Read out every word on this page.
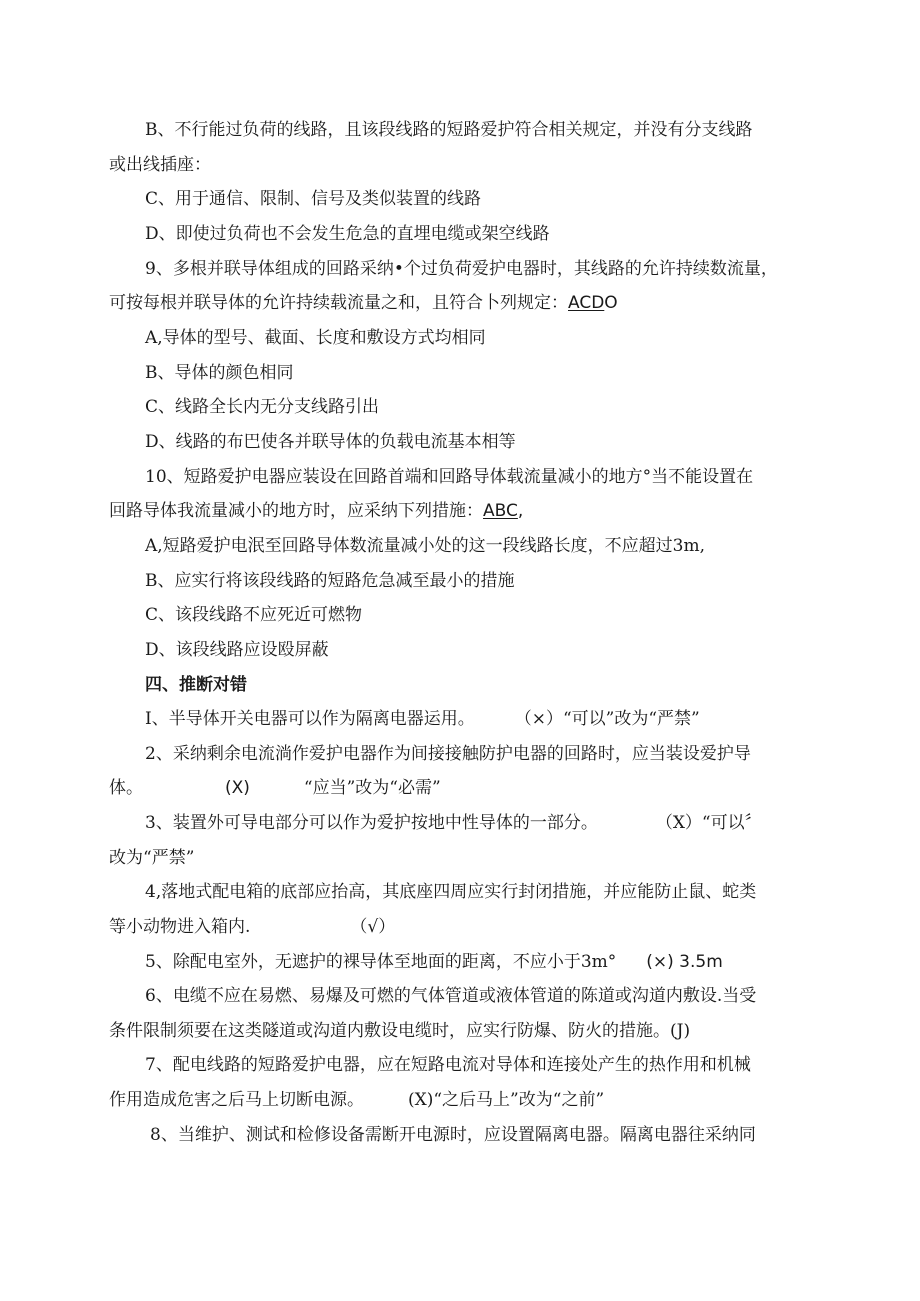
B、不行能过负荷的线路，且该段线路的短路爱护符合相关规定，并没有分支线路
或出线插座：
C、用于通信、限制、信号及类似装置的线路
D、即使过负荷也不会发生危急的直埋电缆或架空线路
9、多根并联导体组成的回路采纳•个过负荷爱护电器时，其线路的允许持续数流量，
可按每根并联导体的允许持续载流量之和，且符合卜列规定：ACDO
A,导体的型号、截面、长度和敷设方式均相同
B、导体的颜色相同
C、线路全长内无分支线路引出
D、线路的布巴使各并联导体的负载电流基本相等
10、短路爱护电器应装设在回路首端和回路导体载流量减小的地方°当不能设置在
回路导体我流量减小的地方时，应采纳下列措施：ABC,
A,短路爱护电泯至回路导体数流量减小处的这一段线路长度，不应超过3m,
B、应实行将该段线路的短路危急减至最小的措施
C、该段线路不应死近可燃物
D、该段线路应设殴屏蔽
四、推断对错
I、半导体开关电器可以作为隔离电器运用。 （×）“可以”改为“严禁”
2、采纳剩余电流淌作爱护电器作为间接接触防护电器的回路时，应当装设爱护导
体。	(X)	“应当”改为“必需”
3、装置外可导电部分可以作为爱护按地中性导体的一部分。	（X）“可以〞
改为“严禁”
4,落地式配电箱的底部应抬高，其底座四周应实行封闭措施，并应能防止鼠、蛇类
等小动物进入箱内.	（√）
5、除配电室外，无遮护的裸导体至地面的距离，不应小于3m° (×) 3.5m
6、电缆不应在易燃、易爆及可燃的气体管道或液体管道的陈道或沟道内敷设.当受
条件限制须要在这类隧道或沟道内敷设电缆时，应实行防爆、防火的措施。(J)
7、配电线路的短路爱护电器，应在短路电流对导体和连接处产生的热作用和机械
作用造成危害之后马上切断电源。	(X)“之后马上”改为“之前”
8、当维护、测试和检修设备需断开电源时，应设置隔离电器。隔离电器往采纳同
